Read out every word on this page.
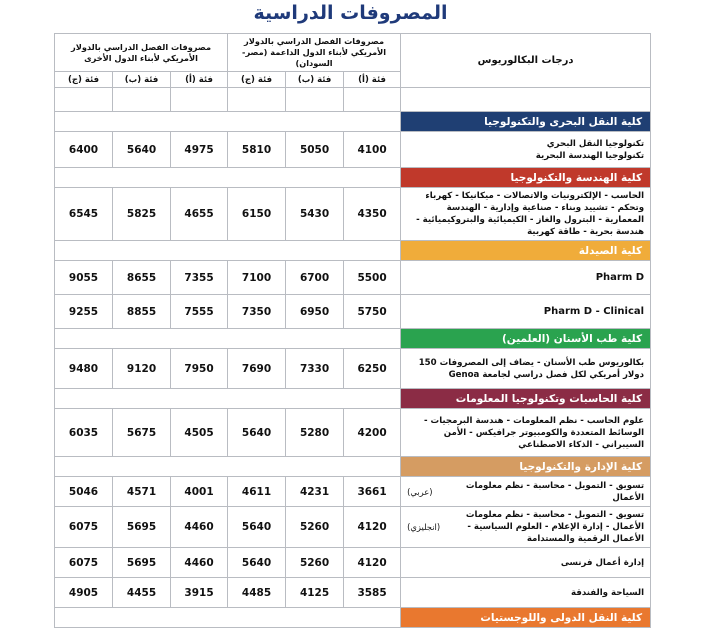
المصروفات الدراسية
درجات البكالوريوس	مصروفات الفصل الدراسي بالدولار الأمريكي لأبناء الدول الداعمة (مصر-السودان)			مصروفات الفصل الدراسي بالدولار الأمريكي لأبناء الدول الأخرى		
	فئة (أ)	فئة (ب)	فئة (ج)	فئة (أ)	فئة (ب)	فئة (ج)

كلية النقل البحرى والتكنولوجيا						
تكنولوجيا النقل البحري
تكنولوجيا الهندسة البحرية	4100	5050	5810	4975	5640	6400
كلية الهندسة والتكنولوجيا						
الحاسب - الإلكترونيات والاتصالات - ميكانيكا - كهرباء وتحكم - تشييد وبناء - صناعية وإدارية - الهندسة المعمارية - البترول والغاز - الكيميائية والبتروكيميائية - هندسة بحرية - طاقة كهربية	4350	5430	6150	4655	5825	6545
كلية الصيدلة						
Pharm D	5500	6700	7100	7355	8655	9055
Pharm D - Clinical	5750	6950	7350	7555	8855	9255
كلية طب الأسنان (العلمين)						
بكالوريوس طب الأسنان - يضاف إلى المصروفات 150 دولار أمريكي لكل فصل دراسي لجامعة Genoa	6250	7330	7690	7950	9120	9480
كلية الحاسبات وتكنولوجيا المعلومات						
علوم الحاسب - نظم المعلومات - هندسة البرمجيات - الوسائط المتعددة والكومبيوتر جرافيكس - الأمن السيبراني - الذكاء الاصطناعي	4200	5280	5640	4505	5675	6035
كلية الإدارة والتكنولوجيا						

تسويق - التمويل - محاسبة - نظم معلومات الأعمال
(عربي)	3661	4231	4611	4001	4571	5046

تسويق - التمويل - محاسبة - نظم معلومات الأعمال - إدارة الإعلام - العلوم السياسية - الأعمال الرقمية والمستدامة
(انجليزي)	4120	5260	5640	4460	5695	6075
إدارة أعمال فرنسى	4120	5260	5640	4460	5695	6075
السياحة والفندقة	3585	4125	4485	3915	4455	4905
كلية النقل الدولى واللوجستيات						
